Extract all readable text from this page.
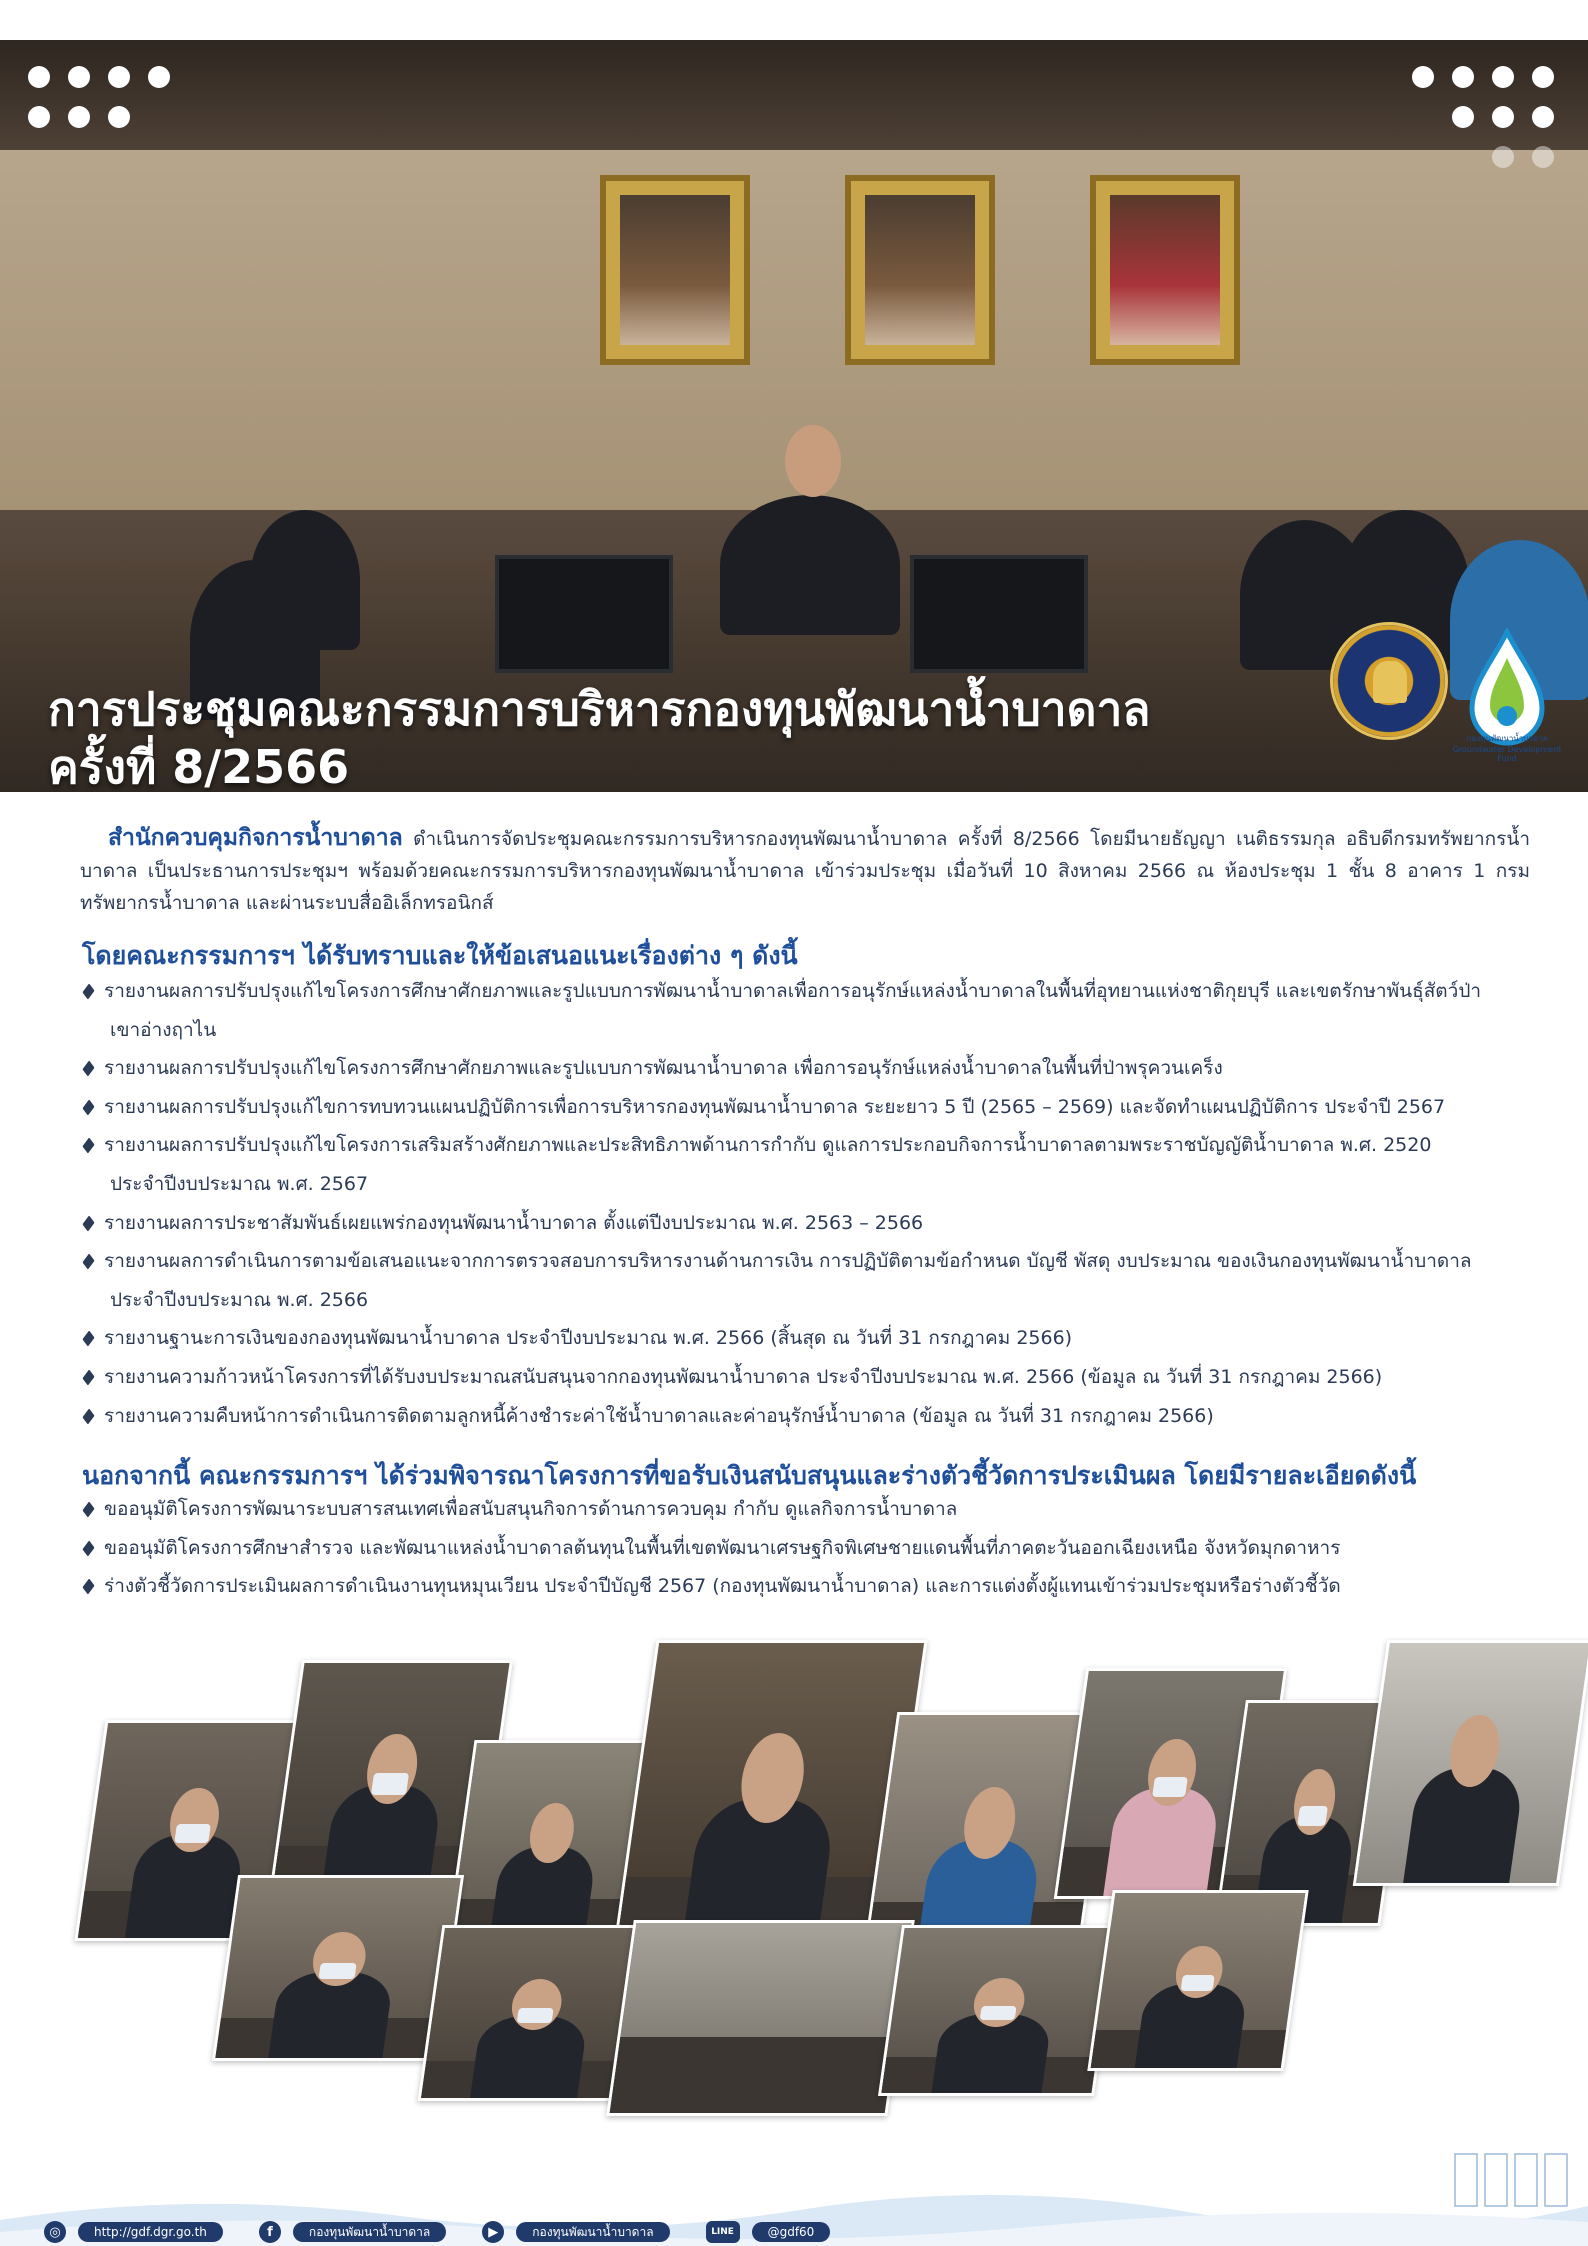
การประชุมคณะกรรมการบริหารกองทุนพัฒนาน้ำบาดาล
ครั้งที่ 8/2566
กองทุนพัฒนาน้ำบาดาล
Groundwater Development Fund

สำนักควบคุมกิจการน้ำบาดาล ดำเนินการจัดประชุมคณะกรรมการบริหารกองทุนพัฒนาน้ำบาดาล ครั้งที่ 8/2566 โดยมีนายธัญญา เนติธรรมกุล อธิบดีกรมทรัพยากรน้ำบาดาล เป็นประธานการประชุมฯ พร้อมด้วยคณะกรรมการบริหารกองทุนพัฒนาน้ำบาดาล เข้าร่วมประชุม เมื่อวันที่ 10 สิงหาคม 2566 ณ ห้องประชุม 1 ชั้น 8 อาคาร 1 กรมทรัพยากรน้ำบาดาล และผ่านระบบสื่ออิเล็กทรอนิกส์

โดยคณะกรรมการฯ ได้รับทราบและให้ข้อเสนอแนะเรื่องต่าง ๆ ดังนี้
รายงานผลการปรับปรุงแก้ไขโครงการศึกษาศักยภาพและรูปแบบการพัฒนาน้ำบาดาลเพื่อการอนุรักษ์แหล่งน้ำบาดาลในพื้นที่อุทยานแห่งชาติกุยบุรี และเขตรักษาพันธุ์สัตว์ป่า
เขาอ่างฤาไน
รายงานผลการปรับปรุงแก้ไขโครงการศึกษาศักยภาพและรูปแบบการพัฒนาน้ำบาดาล เพื่อการอนุรักษ์แหล่งน้ำบาดาลในพื้นที่ป่าพรุควนเคร็ง
รายงานผลการปรับปรุงแก้ไขการทบทวนแผนปฏิบัติการเพื่อการบริหารกองทุนพัฒนาน้ำบาดาล ระยะยาว 5 ปี (2565 – 2569) และจัดทำแผนปฏิบัติการ ประจำปี 2567
รายงานผลการปรับปรุงแก้ไขโครงการเสริมสร้างศักยภาพและประสิทธิภาพด้านการกำกับ ดูแลการประกอบกิจการน้ำบาดาลตามพระราชบัญญัติน้ำบาดาล พ.ศ. 2520
ประจำปีงบประมาณ พ.ศ. 2567
รายงานผลการประชาสัมพันธ์เผยแพร่กองทุนพัฒนาน้ำบาดาล ตั้งแต่ปีงบประมาณ พ.ศ. 2563 – 2566
รายงานผลการดำเนินการตามข้อเสนอแนะจากการตรวจสอบการบริหารงานด้านการเงิน การปฏิบัติตามข้อกำหนด บัญชี พัสดุ งบประมาณ ของเงินกองทุนพัฒนาน้ำบาดาล
ประจำปีงบประมาณ พ.ศ. 2566
รายงานฐานะการเงินของกองทุนพัฒนาน้ำบาดาล ประจำปีงบประมาณ พ.ศ. 2566 (สิ้นสุด ณ วันที่ 31 กรกฎาคม 2566)
รายงานความก้าวหน้าโครงการที่ได้รับงบประมาณสนับสนุนจากกองทุนพัฒนาน้ำบาดาล ประจำปีงบประมาณ พ.ศ. 2566 (ข้อมูล ณ วันที่ 31 กรกฎาคม 2566)
รายงานความคืบหน้าการดำเนินการติดตามลูกหนี้ค้างชำระค่าใช้น้ำบาดาลและค่าอนุรักษ์น้ำบาดาล (ข้อมูล ณ วันที่ 31 กรกฎาคม 2566)
นอกจากนี้ คณะกรรมการฯ ได้ร่วมพิจารณาโครงการที่ขอรับเงินสนับสนุนและร่างตัวชี้วัดการประเมินผล โดยมีรายละเอียดดังนี้
ขออนุมัติโครงการพัฒนาระบบสารสนเทศเพื่อสนับสนุนกิจการด้านการควบคุม กำกับ ดูแลกิจการน้ำบาดาล
ขออนุมัติโครงการศึกษาสำรวจ และพัฒนาแหล่งน้ำบาดาลต้นทุนในพื้นที่เขตพัฒนาเศรษฐกิจพิเศษชายแดนพื้นที่ภาคตะวันออกเฉียงเหนือ จังหวัดมุกดาหาร
ร่างตัวชี้วัดการประเมินผลการดำเนินงานทุนหมุนเวียน ประจำปีบัญชี 2567 (กองทุนพัฒนาน้ำบาดาล) และการแต่งตั้งผู้แทนเข้าร่วมประชุมหรือร่างตัวชี้วัด
◎	http://gdf.dgr.go.th	f	กองทุนพัฒนาน้ำบาดาล	▶	กองทุนพัฒนาน้ำบาดาล	LINE	@gdf60
